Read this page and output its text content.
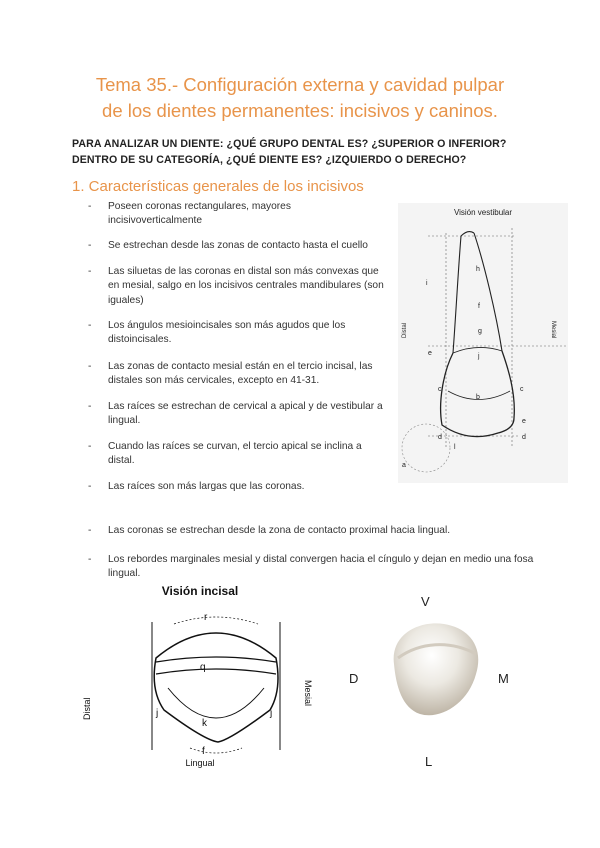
Tema 35.- Configuración externa y cavidad pulpar
de los dientes permanentes: incisivos y caninos.
PARA ANALIZAR UN DIENTE: ¿QUÉ GRUPO DENTAL ES? ¿SUPERIOR O INFERIOR?
DENTRO DE SU CATEGORÍA, ¿QUÉ DIENTE ES? ¿IZQUIERDO O DERECHO?
1. Características generales de los incisivos
- Poseen coronas rectangulares, mayores incisivoverticalmente
- Se estrechan desde las zonas de contacto hasta el cuello
- Las siluetas de las coronas en distal son más convexas que en mesial, salgo en los incisivos centrales mandibulares (son iguales)
- Los ángulos mesioincisales son más agudos que los distoincisales.
- Las zonas de contacto mesial están en el tercio incisal, las distales son más cervicales, excepto en 41-31.
- Las raíces se estrechan de cervical a apical y de vestibular a lingual.
- Cuando las raíces se curvan, el tercio apical se inclina a distal.
- Las raíces son más largas que las coronas.
- Las coronas se estrechan desde la zona de contacto proximal hacia lingual.
- Los rebordes marginales mesial y distal convergen hacia el cíngulo y dejan en medio una fosa lingual.
Visión vestibular
Distal	Mesial
h
i
f
g
j
c
b
c
e
d	d
a
l
e
Visión incisal
Distal
Mesial
Lingual
r
q
j
k
j
f
V
D	M
L
